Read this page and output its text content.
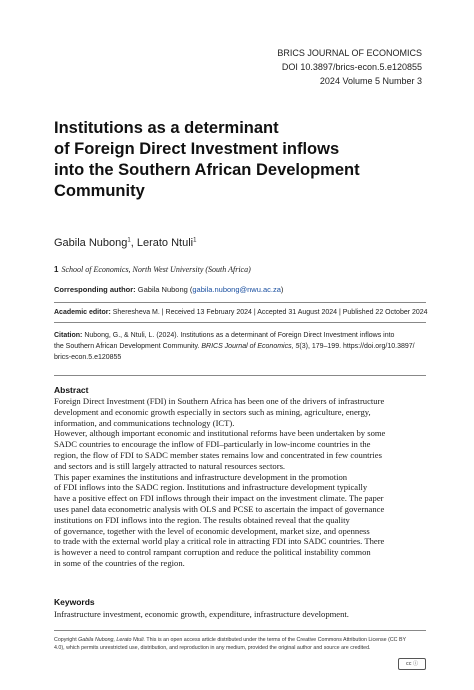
BRICS JOURNAL OF ECONOMICS
DOI 10.3897/brics-econ.5.e120855
2024 Volume 5 Number 3
Institutions as a determinant
of Foreign Direct Investment inflows
into the Southern African Development
Community
Gabila Nubong$^1$, Lerato Ntuli$^1$
1 School of Economics, North West University (South Africa)
Corresponding author: Gabila Nubong (gabila.nubong@nwu.ac.za)
Academic editor: Sheresheva M. | Received 13 February 2024 | Accepted 31 August 2024 | Published 22 October 2024
Citation: Nubong, G., & Ntuli, L. (2024). Institutions as a determinant of Foreign Direct Investment inflows into
the Southern African Development Community. BRICS Journal of Economics, 5(3), 179–199. https://doi.org/10.3897/
brics-econ.5.e120855
Abstract
Foreign Direct Investment (FDI) in Southern Africa has been one of the drivers of infrastructure
development and economic growth especially in sectors such as mining, agriculture, energy,
information, and communications technology (ICT).
However, although important economic and institutional reforms have been undertaken by some
SADC countries to encourage the inflow of FDI–particularly in low-income countries in the
region, the flow of FDI to SADC member states remains low and concentrated in few countries
and sectors and is still largely attracted to natural resources sectors.
This paper examines the institutions and infrastructure development in the promotion
of FDI inflows into the SADC region. Institutions and infrastructure development typically
have a positive effect on FDI inflows through their impact on the investment climate. The paper
uses panel data econometric analysis with OLS and PCSE to ascertain the impact of governance
institutions on FDI inflows into the region. The results obtained reveal that the quality
of governance, together with the level of economic development, market size, and openness
to trade with the external world play a critical role in attracting FDI into SADC countries. There
is however a need to control rampant corruption and reduce the political instability common
in some of the countries of the region.
Keywords
Infrastructure investment, economic growth, expenditure, infrastructure development.
Copyright Gabila Nubong, Lerato Ntuli. This is an open access article distributed under the terms of the Creative Commons Attribution License (CC BY
4.0), which permits unrestricted use, distribution, and reproduction in any medium, provided the original author and source are credited.
cc ⓘ
